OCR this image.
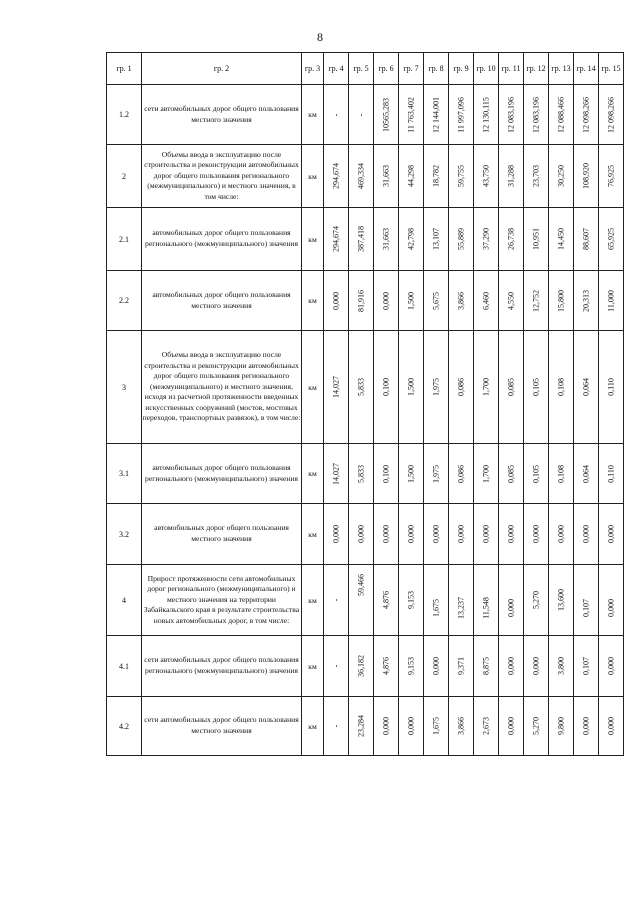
8
гр. 1	гр. 2	гр. 3	гр. 4	гр. 5	гр. 6	гр. 7	гр. 8	гр. 9	гр. 10	гр. 11	гр. 12	гр. 13	гр. 14	гр. 15
1.2	сети автомобильных дорог общего пользования местного значения	км	-	-	10565,283	11 763,402	12 144,001	11 997,096	12 130,115	12 083,196	12 083,196	12 088,466	12 098,266	12 098,266

2	Объемы ввода в эксплуатацию после строительства и реконструкции автомобильных дорог общего пользования регионального (межмуниципального) и местного значения, в том числе:	км	294,674	469,334	31,663	44,298	18,782	59,755	43,750	31,288	23,703	30,250	108,920	76,925

2.1	автомобильных дорог общего пользования регионального (межмуниципального) значения	км	294,674	387,418	31,663	42,798	13,107	55,889	37,290	26,738	10,951	14,450	88,607	65,925

2.2	автомобильных дорог общего пользования местного значения	км	0,000	81,916	0,000	1,500	5,675	3,866	6,460	4,550	12,752	15,800	20,313	11,000

3	Объемы ввода в эксплуатацию после строительства и реконструкции автомобильных дорог общего пользования регионального (межмуниципального) и местного значения, исходя из расчетной протяженности введенных искусственных сооружений (мостов, мостовых переходов, транспортных развязок), в том числе:	км	14,027	5,833	0,100	1,500	1,975	0,086	1,700	0,085	0,105	0,108	0,064	0,110

3.1	автомобильных дорог общего пользования регионального (межмуниципального) значения	км	14,027	5,833	0,100	1,500	1,975	0,086	1,700	0,085	0,105	0,108	0,064	0,110

3.2	автомобильных дорог общего пользоания местного значения	км	0,000	0,000	0,000	0,000	0,000	0,000	0,000	0,000	0,000	0,000	0,000	0,000

4	Прирост протяженности сети автомобильных дорог регионального (межмуниципального) и местного значения на территории Забайкальского края в результате строительства новых автомобильных дорог, в том числе:	км	-	59,466	4,876	9,153	1,675	13,237	11,548	0,000	5,270	13,600	0,107	0,000

4.1	сети автомобильных дорог общего пользования регионального (межмуниципального) значения	км	-	36,182	4,876	9,153	0,000	9,371	8,875	0,000	0,000	3,800	0,107	0,000

4.2	сети автомобильных дорог общего пользования местного значения	км	-	23,284	0,000	0,000	1,675	3,866	2,673	0,000	5,270	9,800	0,000	0,000
